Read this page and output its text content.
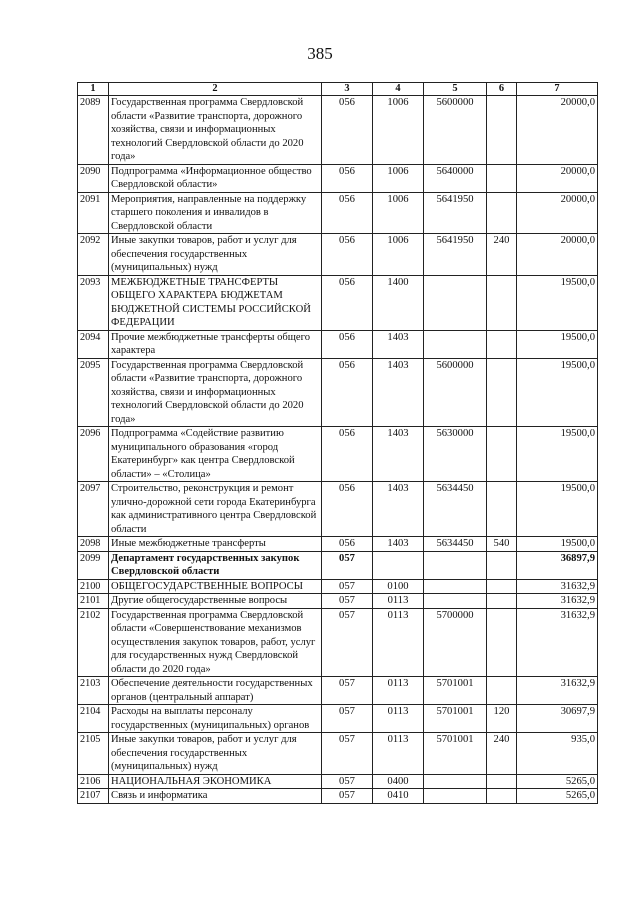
385
1	2	3	4	5	6	7
2089	Государственная программа Свердловской области «Развитие транспорта, дорожного хозяйства, связи и информационных технологий Свердловской области до 2020 года»	056	1006	5600000		20000,0
2090	Подпрограмма «Информационное общество Свердловской области»	056	1006	5640000		20000,0
2091	Мероприятия, направленные на поддержку старшего поколения и инвалидов в Свердловской области	056	1006	5641950		20000,0
2092	Иные закупки товаров, работ и услуг для обеспечения государственных (муниципальных) нужд	056	1006	5641950	240	20000,0
2093	МЕЖБЮДЖЕТНЫЕ ТРАНСФЕРТЫ ОБЩЕГО ХАРАКТЕРА БЮДЖЕТАМ БЮДЖЕТНОЙ СИСТЕМЫ РОССИЙСКОЙ ФЕДЕРАЦИИ	056	1400			19500,0
2094	Прочие межбюджетные трансферты общего характера	056	1403			19500,0
2095	Государственная программа Свердловской области «Развитие транспорта, дорожного хозяйства, связи и информационных технологий Свердловской области до 2020 года»	056	1403	5600000		19500,0
2096	Подпрограмма «Содействие развитию муниципального образования «город Екатеринбург» как центра Свердловской области» – «Столица»	056	1403	5630000		19500,0
2097	Строительство, реконструкция и ремонт улично-дорожной сети города Екатеринбурга как административного центра Свердловской области	056	1403	5634450		19500,0
2098	Иные межбюджетные трансферты	056	1403	5634450	540	19500,0
2099	Департамент государственных закупок Свердловской области	057				36897,9
2100	ОБЩЕГОСУДАРСТВЕННЫЕ ВОПРОСЫ	057	0100			31632,9
2101	Другие общегосударственные вопросы	057	0113			31632,9
2102	Государственная программа Свердловской области «Совершенствование механизмов осуществления закупок товаров, работ, услуг для государственных нужд Свердловской области до 2020 года»	057	0113	5700000		31632,9
2103	Обеспечение деятельности государственных органов (центральный аппарат)	057	0113	5701001		31632,9
2104	Расходы на выплаты персоналу государственных (муниципальных) органов	057	0113	5701001	120	30697,9
2105	Иные закупки товаров, работ и услуг для обеспечения государственных (муниципальных) нужд	057	0113	5701001	240	935,0
2106	НАЦИОНАЛЬНАЯ ЭКОНОМИКА	057	0400			5265,0
2107	Связь и информатика	057	0410			5265,0
